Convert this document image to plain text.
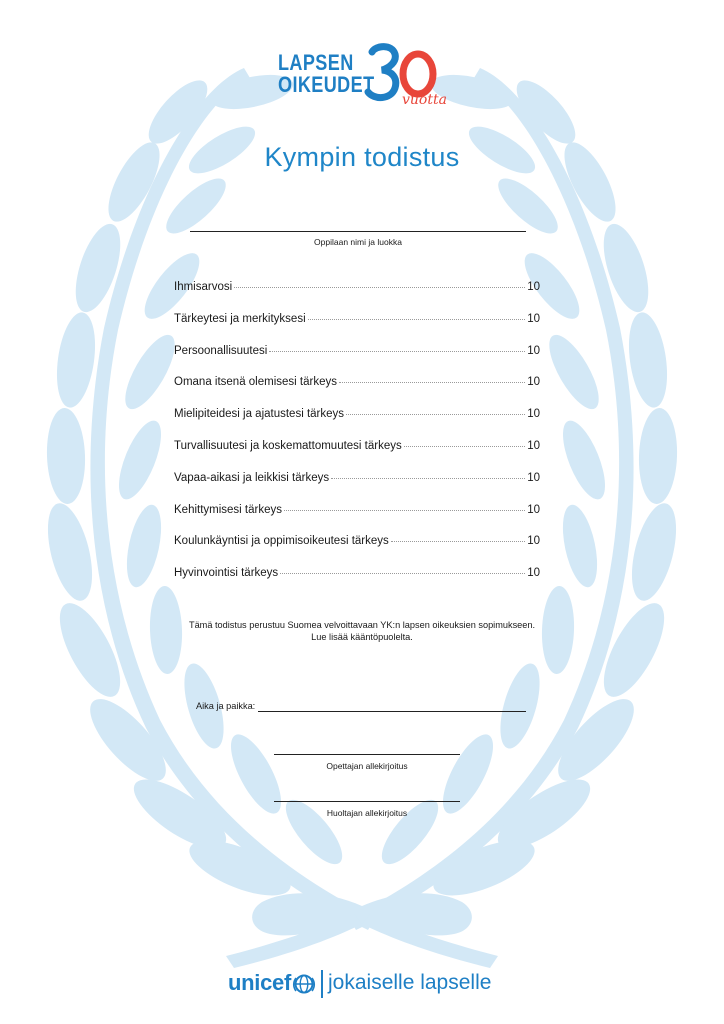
LAPSEN
OIKEUDET
vuotta
Kympin todistus
Oppilaan nimi ja luokka
Ihmisarvosi	10
Tärkeytesi ja merkityksesi	10
Persoonallisuutesi	10
Omana itsenä olemisesi tärkeys	10
Mielipiteidesi ja ajatustesi tärkeys	10
Turvallisuutesi ja koskemattomuutesi tärkeys	10
Vapaa-aikasi ja leikkisi tärkeys	10
Kehittymisesi tärkeys	10
Koulunkäyntisi ja oppimisoikeutesi tärkeys	10
Hyvinvointisi tärkeys	10
Tämä todistus perustuu Suomea velvoittavaan YK:n lapsen oikeuksien sopimukseen.
Lue lisää kääntöpuolelta.
Aika ja paikka:
Opettajan allekirjoitus
Huoltajan allekirjoitus
unicef jokaiselle lapselle
